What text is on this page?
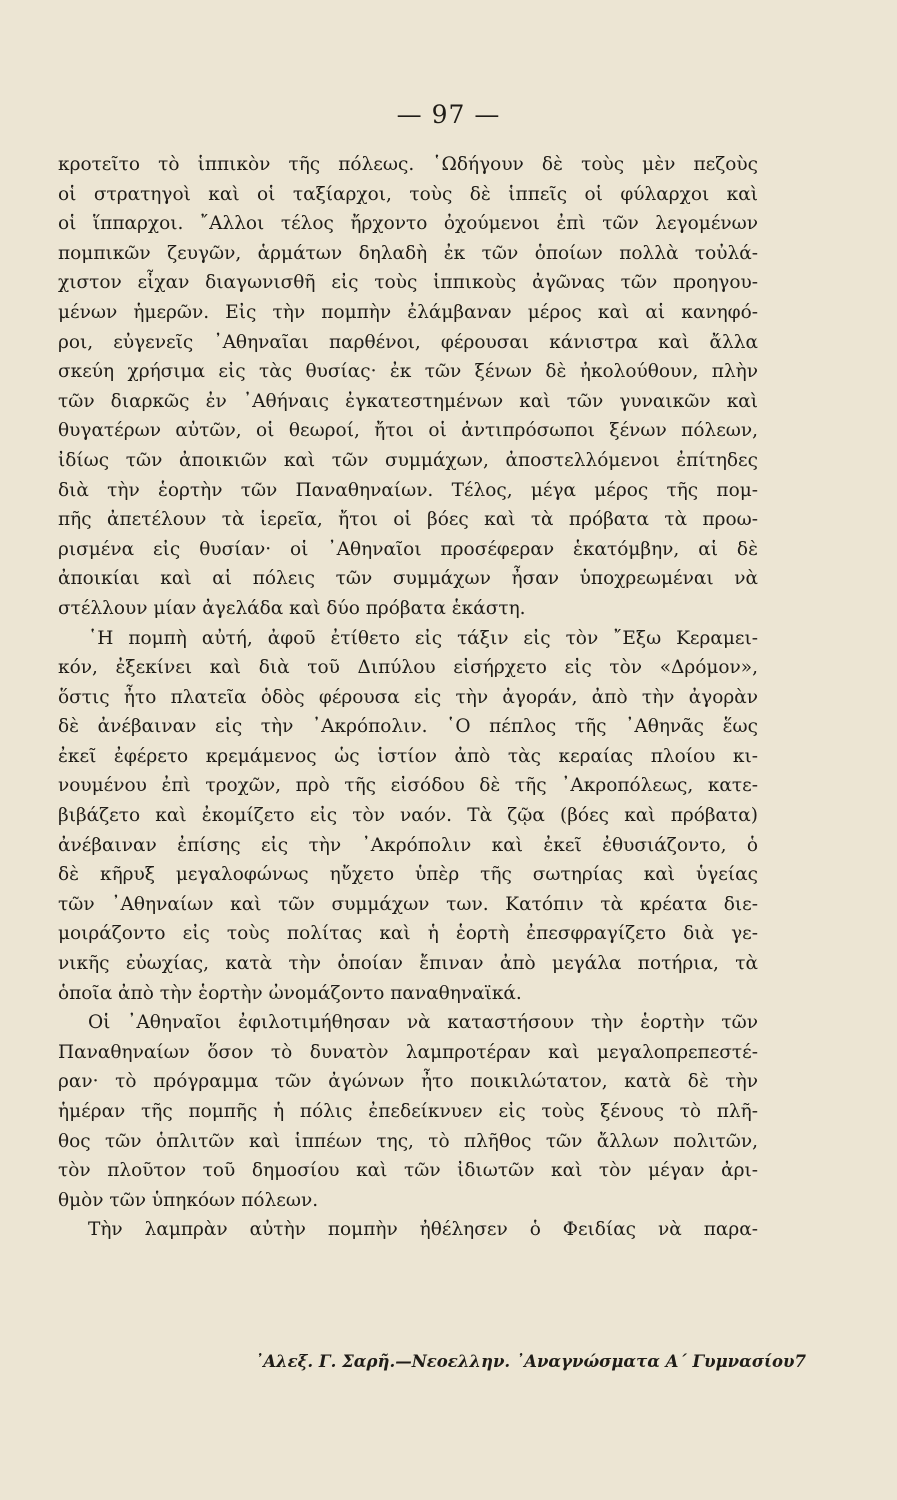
— 97 —
κροτεῖτο τὸ ἱππικὸν τῆς πόλεως. ῾Ωδήγουν δὲ τοὺς μὲν πεζοὺς
οἱ στρατηγοὶ καὶ οἱ ταξίαρχοι, τοὺς δὲ ἱππεῖς οἱ φύλαρχοι καὶ
οἱ ἵππαρχοι. ῎Αλλοι τέλος ἤρχοντο ὀχούμενοι ἐπὶ τῶν λεγομένων
πομπικῶν ζευγῶν, ἁρμάτων δηλαδὴ ἐκ τῶν ὁποίων πολλὰ τοὐλά-
χιστον εἶχαν διαγωνισθῆ εἰς τοὺς ἱππικοὺς ἀγῶνας τῶν προηγου-
μένων ἡμερῶν. Εἰς τὴν πομπὴν ἐλάμβαναν μέρος καὶ αἱ κανηφό-
ροι, εὐγενεῖς ᾿Αθηναῖαι παρθένοι, φέρουσαι κάνιστρα καὶ ἄλλα
σκεύη χρήσιμα εἰς τὰς θυσίας· ἐκ τῶν ξένων δὲ ἠκολούθουν, πλὴν
τῶν διαρκῶς ἐν ᾿Αθήναις ἐγκατεστημένων καὶ τῶν γυναικῶν καὶ
θυγατέρων αὐτῶν, οἱ θεωροί, ἤτοι οἱ ἀντιπρόσωποι ξένων πόλεων,
ἰδίως τῶν ἀποικιῶν καὶ τῶν συμμάχων, ἀποστελλόμενοι ἐπίτηδες
διὰ τὴν ἑορτὴν τῶν Παναθηναίων. Τέλος, μέγα μέρος τῆς πομ-
πῆς ἀπετέλουν τὰ ἱερεῖα, ἤτοι οἱ βόες καὶ τὰ πρόβατα τὰ προω-
ρισμένα εἰς θυσίαν· οἱ ᾿Αθηναῖοι προσέφεραν ἑκατόμβην, αἱ δὲ
ἀποικίαι καὶ αἱ πόλεις τῶν συμμάχων ἦσαν ὑποχρεωμέναι νὰ
στέλλουν μίαν ἀγελάδα καὶ δύο πρόβατα ἑκάστη.
῾Η πομπὴ αὐτή, ἀφοῦ ἐτίθετο εἰς τάξιν εἰς τὸν ῎Εξω Κεραμει-
κόν, ἐξεκίνει καὶ διὰ τοῦ Διπύλου εἰσήρχετο εἰς τὸν «Δρόμον»,
ὅστις ἦτο πλατεῖα ὁδὸς φέρουσα εἰς τὴν ἀγοράν, ἀπὸ τὴν ἀγορὰν
δὲ ἀνέβαιναν εἰς τὴν ᾿Ακρόπολιν. ῾Ο πέπλος τῆς ᾿Αθηνᾶς ἕως
ἐκεῖ ἐφέρετο κρεμάμενος ὡς ἱστίον ἀπὸ τὰς κεραίας πλοίου κι-
νουμένου ἐπὶ τροχῶν, πρὸ τῆς εἰσόδου δὲ τῆς ᾿Ακροπόλεως, κατε-
βιβάζετο καὶ ἐκομίζετο εἰς τὸν ναόν. Τὰ ζῷα (βόες καὶ πρόβατα)
ἀνέβαιναν ἐπίσης εἰς τὴν ᾿Ακρόπολιν καὶ ἐκεῖ ἐθυσιάζοντο, ὁ
δὲ κῆρυξ μεγαλοφώνως ηὔχετο ὑπὲρ τῆς σωτηρίας καὶ ὑγείας
τῶν ᾿Αθηναίων καὶ τῶν συμμάχων των. Κατόπιν τὰ κρέατα διε-
μοιράζοντο εἰς τοὺς πολίτας καὶ ἡ ἑορτὴ ἐπεσφραγίζετο διὰ γε-
νικῆς εὐωχίας, κατὰ τὴν ὁποίαν ἔπιναν ἀπὸ μεγάλα ποτήρια, τὰ
ὁποῖα ἀπὸ τὴν ἑορτὴν ὠνομάζοντο παναθηναϊκά.
Οἱ ᾿Αθηναῖοι ἐφιλοτιμήθησαν νὰ καταστήσουν τὴν ἑορτὴν τῶν
Παναθηναίων ὅσον τὸ δυνατὸν λαμπροτέραν καὶ μεγαλοπρεπεστέ-
ραν· τὸ πρόγραμμα τῶν ἀγώνων ἦτο ποικιλώτατον, κατὰ δὲ τὴν
ἡμέραν τῆς πομπῆς ἡ πόλις ἐπεδείκνυεν εἰς τοὺς ξένους τὸ πλῆ-
θος τῶν ὁπλιτῶν καὶ ἱππέων της, τὸ πλῆθος τῶν ἄλλων πολιτῶν,
τὸν πλοῦτον τοῦ δημοσίου καὶ τῶν ἰδιωτῶν καὶ τὸν μέγαν ἀρι-
θμὸν τῶν ὑπηκόων πόλεων.
Τὴν λαμπρὰν αὐτὴν πομπὴν ἠθέλησεν ὁ Φειδίας νὰ παρα-
᾿Αλεξ. Γ. Σαρῆ.—Νεοελλην. ᾿Αναγνώσματα Α΄ Γυμνασίου 7
